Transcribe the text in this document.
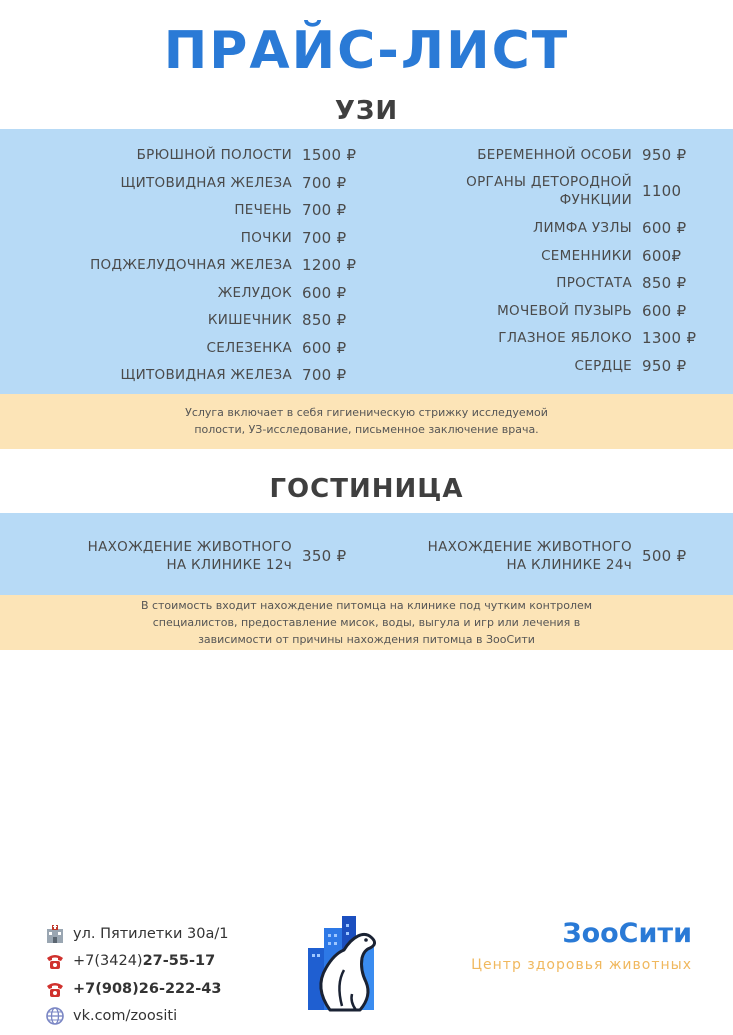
ПРАЙС-ЛИСТ
УЗИ
БРЮШНОЙ ПОЛОСТИ 1500 ₽
ЩИТОВИДНАЯ ЖЕЛЕЗА 700 ₽
ПЕЧЕНЬ 700 ₽
ПОЧКИ 700 ₽
ПОДЖЕЛУДОЧНАЯ ЖЕЛЕЗА 1200 ₽
ЖЕЛУДОК 600 ₽
КИШЕЧНИК 850 ₽
СЕЛЕЗЕНКА 600 ₽
ЩИТОВИДНАЯ ЖЕЛЕЗА 700 ₽
БЕРЕМЕННОЙ ОСОБИ 950 ₽
ОРГАНЫ ДЕТОРОДНОЙ
ФУНКЦИИ 1100
ЛИМФА УЗЛЫ 600 ₽
СЕМЕННИКИ 600₽
ПРОСТАТА 850 ₽
МОЧЕВОЙ ПУЗЫРЬ 600 ₽
ГЛАЗНОЕ ЯБЛОКО 1300 ₽
СЕРДЦЕ 950 ₽
Услуга включает в себя гигиеническую стрижку исследуемой
полости, УЗ-исследование, письменное заключение врача.
ГОСТИНИЦА
НАХОЖДЕНИЕ ЖИВОТНОГО
НА КЛИНИКЕ 12ч 350 ₽	НАХОЖДЕНИЕ ЖИВОТНОГО
НА КЛИНИКЕ 24ч 500 ₽
В стоимость входит нахождение питомца на клинике под чутким контролем
специалистов, предоставление мисок, воды, выгула и игр или лечения в
зависимости от причины нахождения питомца в ЗооСити
ул. Пятилетки 30а/1
+7(3424) 27-55-17
+7(908)26-222-43
vk.com/zoositi
ЗооСити
Центр здоровья животных
